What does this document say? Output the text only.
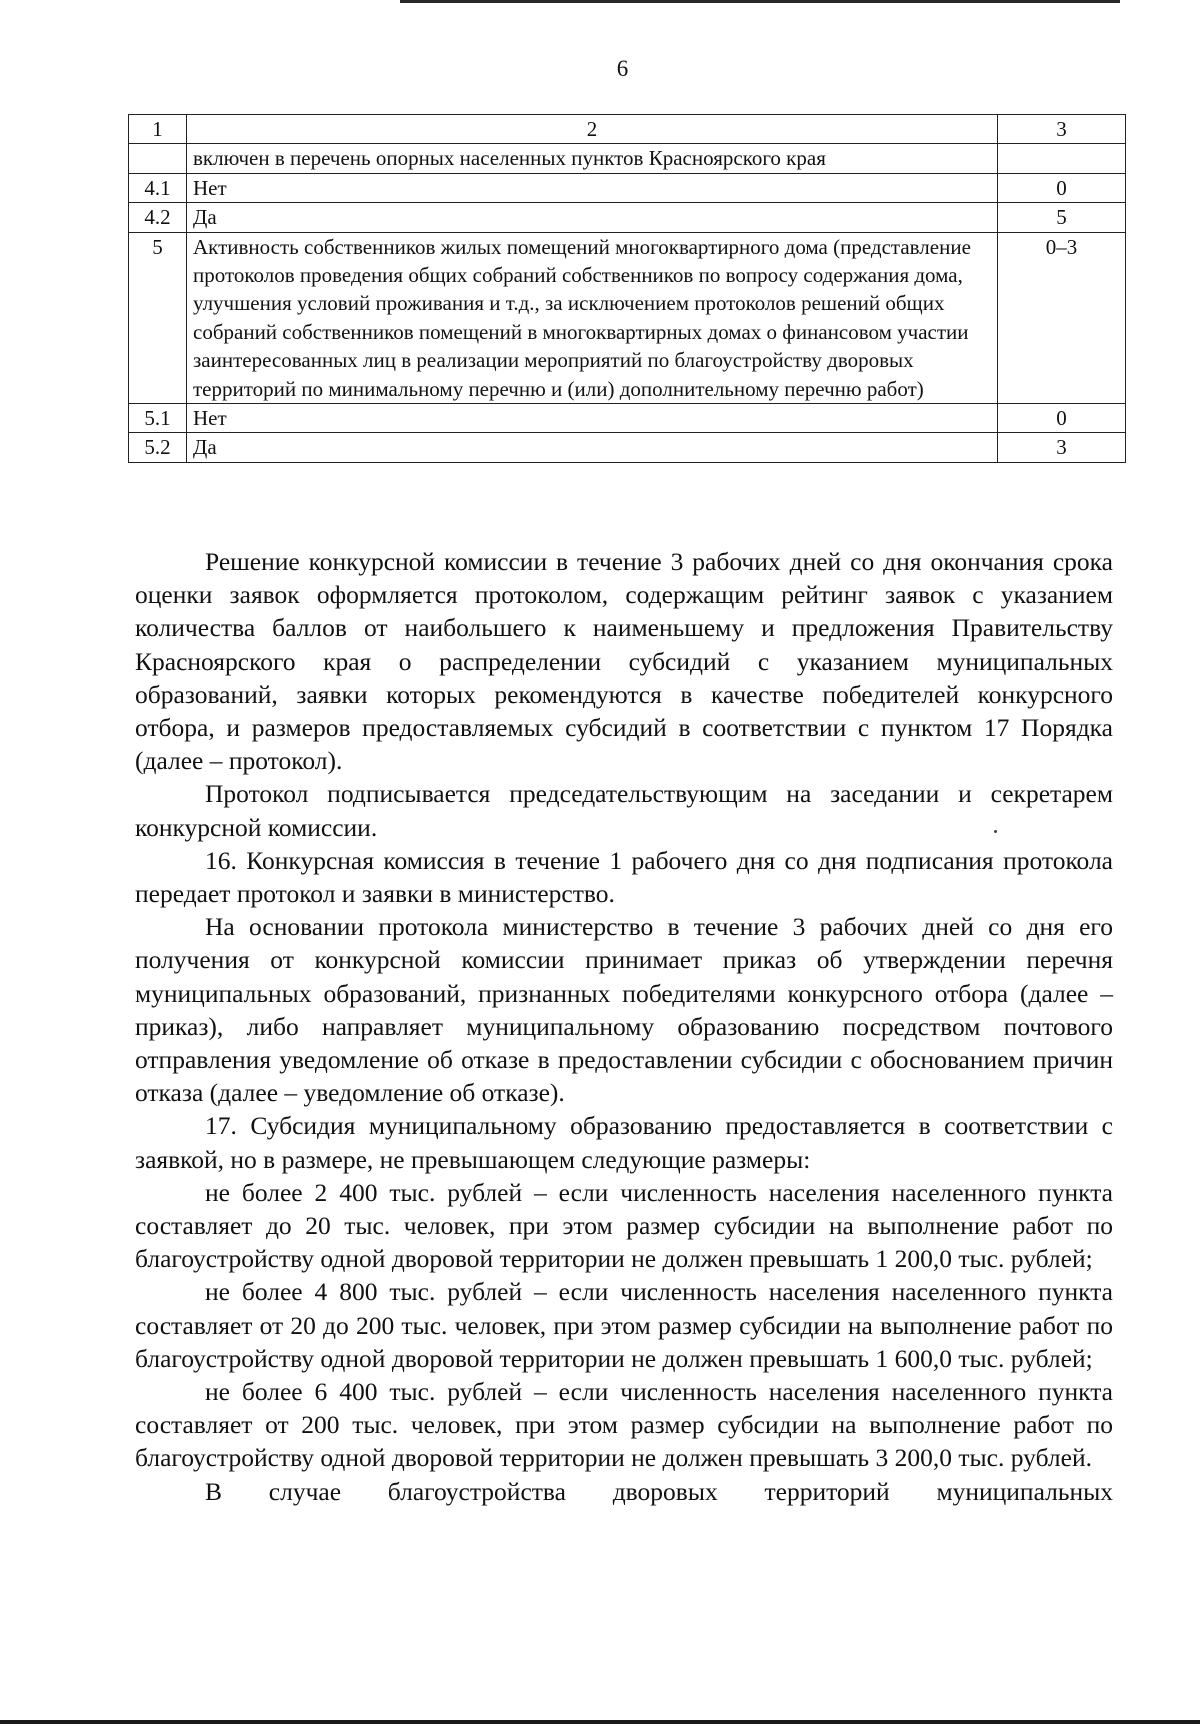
6
1	2	3
	включен в перечень опорных населенных пунктов Красноярского края	
4.1	Нет	0
4.2	Да	5
5	Активность собственников жилых помещений многоквартирного дома (представление протоколов проведения общих собраний собственников по вопросу содержания дома, улучшения условий проживания и т.д., за исключением протоколов решений общих собраний собственников помещений в многоквартирных домах о финансовом участии заинтересованных лиц в реализации мероприятий по благоустройству дворовых территорий по минимальному перечню и (или) дополнительному перечню работ)	0–3
5.1	Нет	0
5.2	Да	3

Решение конкурсной комиссии в течение 3 рабочих дней со дня окончания срока оценки заявок оформляется протоколом, содержащим рейтинг заявок с указанием количества баллов от наибольшего к наименьшему и предложения Правительству Красноярского края о распределении субсидий с указанием муниципальных образований, заявки которых рекомендуются в качестве победителей конкурсного отбора, и размеров предоставляемых субсидий в соответствии с пунктом 17 Порядка (далее – протокол).

Протокол подписывается председательствующим на заседании и секретарем конкурсной комиссии.

16. Конкурсная комиссия в течение 1 рабочего дня со дня подписания протокола передает протокол и заявки в министерство.

На основании протокола министерство в течение 3 рабочих дней со дня его получения от конкурсной комиссии принимает приказ об утверждении перечня муниципальных образований, признанных победителями конкурсного отбора (далее – приказ), либо направляет муниципальному образованию посредством почтового отправления уведомление об отказе в предоставлении субсидии с обоснованием причин отказа (далее – уведомление об отказе).

17. Субсидия муниципальному образованию предоставляется в соответствии с заявкой, но в размере, не превышающем следующие размеры:

не более 2 400 тыс. рублей – если численность населения населенного пункта составляет до 20 тыс. человек, при этом размер субсидии на выполнение работ по благоустройству одной дворовой территории не должен превышать 1 200,0 тыс. рублей;

не более 4 800 тыс. рублей – если численность населения населенного пункта составляет от 20 до 200 тыс. человек, при этом размер субсидии на выполнение работ по благоустройству одной дворовой территории не должен превышать 1 600,0 тыс. рублей;

не более 6 400 тыс. рублей – если численность населения населенного пункта составляет от 200 тыс. человек, при этом размер субсидии на выполнение работ по благоустройству одной дворовой территории не должен превышать 3 200,0 тыс. рублей.

В случае благоустройства дворовых территорий муниципальных
